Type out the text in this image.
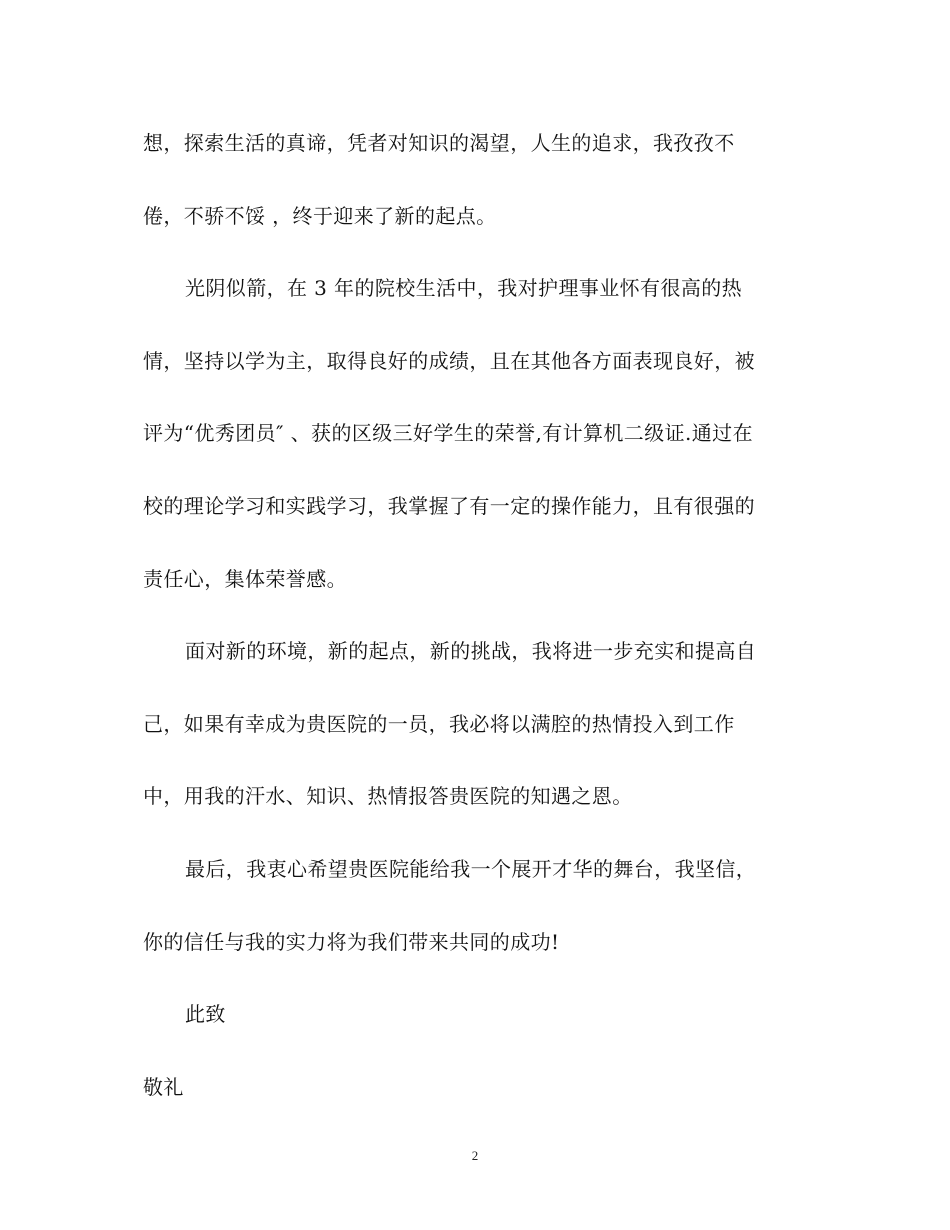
想，探索生活的真谛，凭者对知识的渴望，人生的追求，我孜孜不
倦，不骄不馁 ，终于迎来了新的起点。
光阴似箭，在 3 年的院校生活中，我对护理事业怀有很高的热
情，坚持以学为主，取得良好的成绩，且在其他各方面表现良好，被
评为“优秀团员″ 、获的区级三好学生的荣誉,有计算机二级证.通过在
校的理论学习和实践学习，我掌握了有一定的操作能力，且有很强的
责任心，集体荣誉感。
面对新的环境，新的起点，新的挑战，我将进一步充实和提高自
己，如果有幸成为贵医院的一员，我必将以满腔的热情投入到工作
中，用我的汗水、知识、热情报答贵医院的知遇之恩。
最后，我衷心希望贵医院能给我一个展开才华的舞台，我坚信，
你的信任与我的实力将为我们带来共同的成功!
此致
敬礼
2
